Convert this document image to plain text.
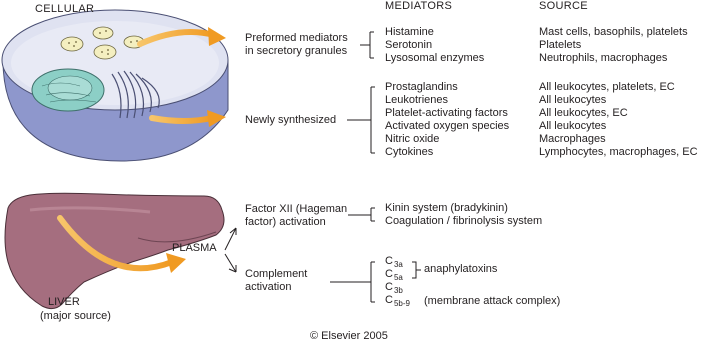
CELLULAR	MEDIATORS	SOURCE
Preformed mediators
in secretory granules
Histamine
Serotonin
Lysosomal enzymes
Mast cells, basophils, platelets
Platelets
Neutrophils, macrophages
Newly synthesized
Prostaglandins
Leukotrienes
Platelet-activating factors
Activated oxygen species
Nitric oxide
Cytokines
All leukocytes, platelets, EC
All leukocytes
All leukocytes, EC
All leukocytes
Macrophages
Lymphocytes, macrophages, EC
PLASMA
LIVER
(major source)
Factor XII (Hageman
factor) activation
Kinin system (bradykinin)
Coagulation / fibrinolysis system
Complement
activation
$C_{3a}$
$C_{5a}$
$C_{3b}$
$C_{5b-9}$
anaphylatoxins
(membrane attack complex)
© Elsevier 2005
